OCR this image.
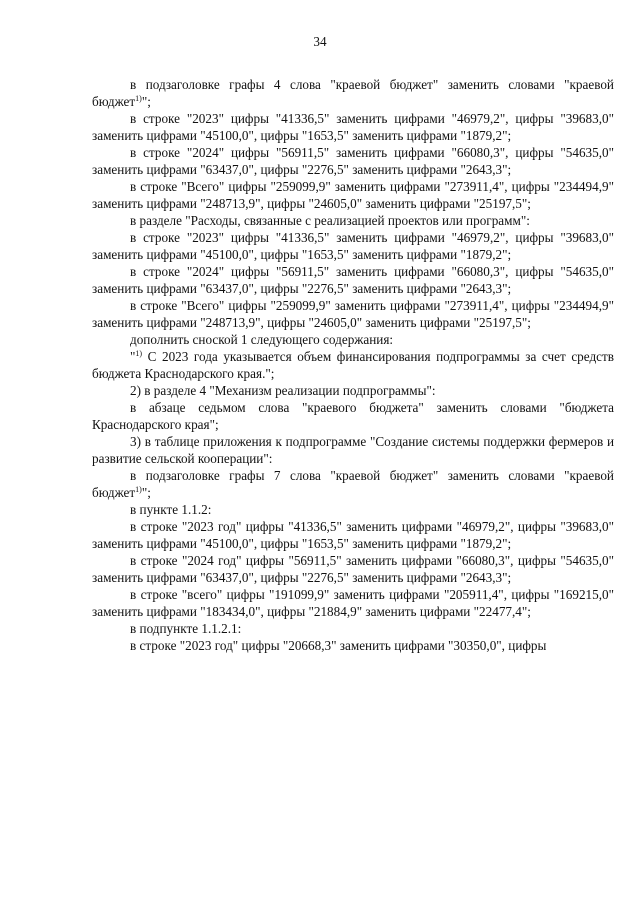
34

в подзаголовке графы 4 слова "краевой бюджет" заменить словами "краевой бюджет$^{1)}$";

в строке "2023" цифры "41336,5" заменить цифрами "46979,2", цифры "39683,0" заменить цифрами "45100,0", цифры "1653,5" заменить цифрами "1879,2";

в строке "2024" цифры "56911,5" заменить цифрами "66080,3", цифры "54635,0" заменить цифрами "63437,0", цифры "2276,5" заменить цифрами "2643,3";

в строке "Всего" цифры "259099,9" заменить цифрами "273911,4", цифры "234494,9" заменить цифрами "248713,9", цифры "24605,0" заменить цифрами "25197,5";

в разделе "Расходы, связанные с реализацией проектов или программ":

в строке "2023" цифры "41336,5" заменить цифрами "46979,2", цифры "39683,0" заменить цифрами "45100,0", цифры "1653,5" заменить цифрами "1879,2";

в строке "2024" цифры "56911,5" заменить цифрами "66080,3", цифры "54635,0" заменить цифрами "63437,0", цифры "2276,5" заменить цифрами "2643,3";

в строке "Всего" цифры "259099,9" заменить цифрами "273911,4", цифры "234494,9" заменить цифрами "248713,9", цифры "24605,0" заменить цифрами "25197,5";

дополнить сноской 1 следующего содержания:

"$^{1)}$ С 2023 года указывается объем финансирования подпрограммы за счет средств бюджета Краснодарского края.";

2) в разделе 4 "Механизм реализации подпрограммы":

в абзаце седьмом слова "краевого бюджета" заменить словами "бюджета Краснодарского края";

3) в таблице приложения к подпрограмме "Создание системы поддержки фермеров и развитие сельской кооперации":

в подзаголовке графы 7 слова "краевой бюджет" заменить словами "краевой бюджет$^{1)}$";

в пункте 1.1.2:

в строке "2023 год" цифры "41336,5" заменить цифрами "46979,2", цифры "39683,0" заменить цифрами "45100,0", цифры "1653,5" заменить цифрами "1879,2";

в строке "2024 год" цифры "56911,5" заменить цифрами "66080,3", цифры "54635,0" заменить цифрами "63437,0", цифры "2276,5" заменить цифрами "2643,3";

в строке "всего" цифры "191099,9" заменить цифрами "205911,4", цифры "169215,0" заменить цифрами "183434,0", цифры "21884,9" заменить цифрами "22477,4";

в подпункте 1.1.2.1:

в строке "2023 год" цифры "20668,3" заменить цифрами "30350,0", цифры
